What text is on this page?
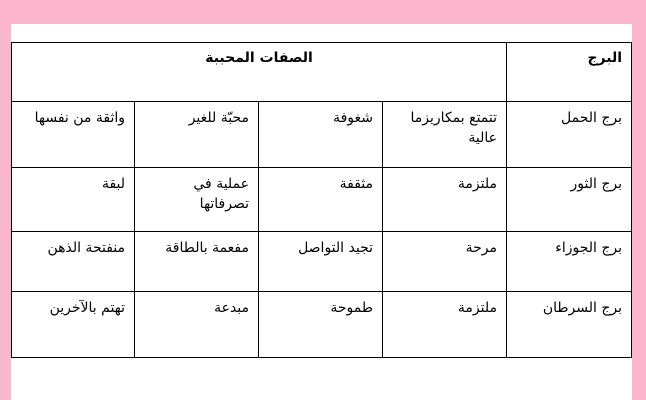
البرج	الصفات المحببة			
برج الحمل	تتمتع بمكاريزما عالية	شغوفة	محبّة للغير	واثقة من نفسها
برج الثور	ملتزمة	مثقفة	عملية في تصرفاتها	لبقة
برج الجوزاء	مرحة	تجيد التواصل	مفعمة بالطاقة	منفتحة الذهن
برج السرطان	ملتزمة	طموحة	مبدعة	تهتم بالآخرين
